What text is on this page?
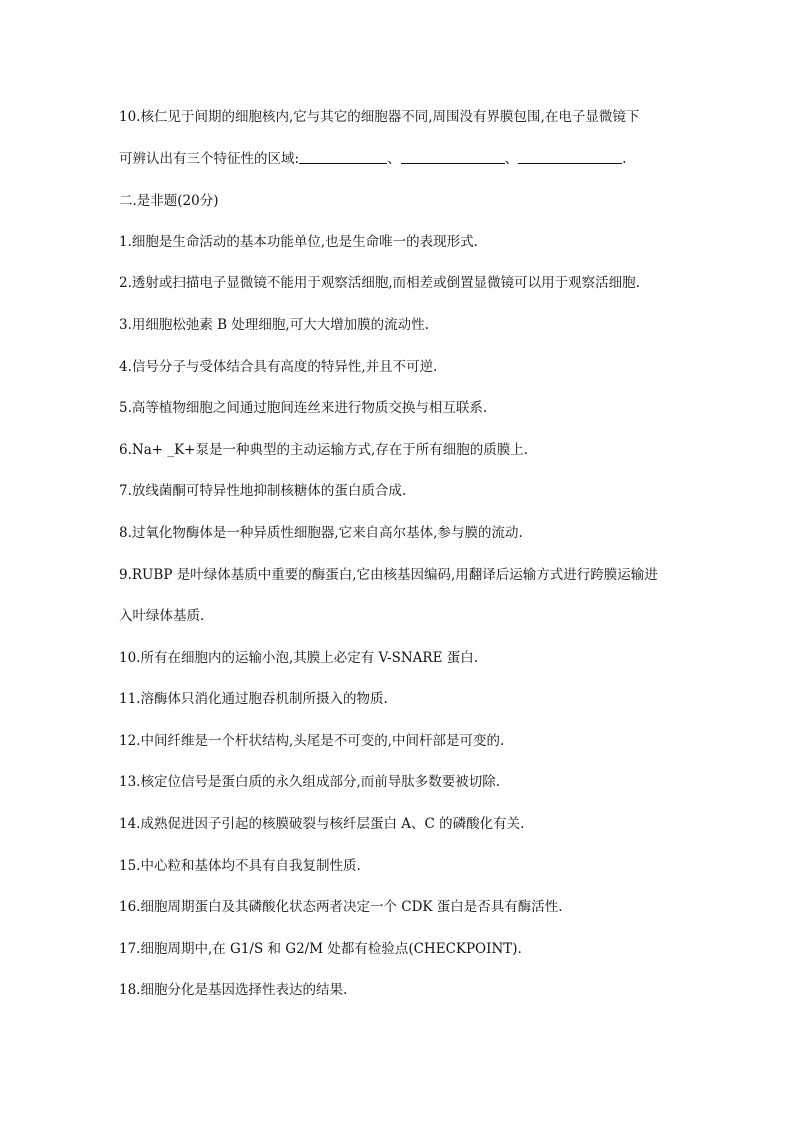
10.核仁见于间期的细胞核内,它与其它的细胞器不同,周围没有界膜包围,在电子显微镜下
可辨认出有三个特征性的区域:	、	、	.
二.是非题(20分)
1.细胞是生命活动的基本功能单位,也是生命唯一的表现形式.
2.透射或扫描电子显微镜不能用于观察活细胞,而相差或倒置显微镜可以用于观察活细胞.
3.用细胞松弛素 B 处理细胞,可大大增加膜的流动性.
4.信号分子与受体结合具有高度的特异性,并且不可逆.
5.高等植物细胞之间通过胞间连丝来进行物质交换与相互联系.
6.Na+ _K+泵是一种典型的主动运输方式,存在于所有细胞的质膜上.
7.放线菌酮可特异性地抑制核糖体的蛋白质合成.
8.过氧化物酶体是一种异质性细胞器,它来自高尔基体,参与膜的流动.
9.RUBP 是叶绿体基质中重要的酶蛋白,它由核基因编码,用翻译后运输方式进行跨膜运输进
入叶绿体基质.
10.所有在细胞内的运输小泡,其膜上必定有 V-SNARE 蛋白.
11.溶酶体只消化通过胞吞机制所摄入的物质.
12.中间纤维是一个杆状结构,头尾是不可变的,中间杆部是可变的.
13.核定位信号是蛋白质的永久组成部分,而前导肽多数要被切除.
14.成熟促进因子引起的核膜破裂与核纤层蛋白 A、C 的磷酸化有关.
15.中心粒和基体均不具有自我复制性质.
16.细胞周期蛋白及其磷酸化状态两者决定一个 CDK 蛋白是否具有酶活性.
17.细胞周期中,在 G1/S 和 G2/M 处都有检验点(CHECKPOINT).
18.细胞分化是基因选择性表达的结果.
